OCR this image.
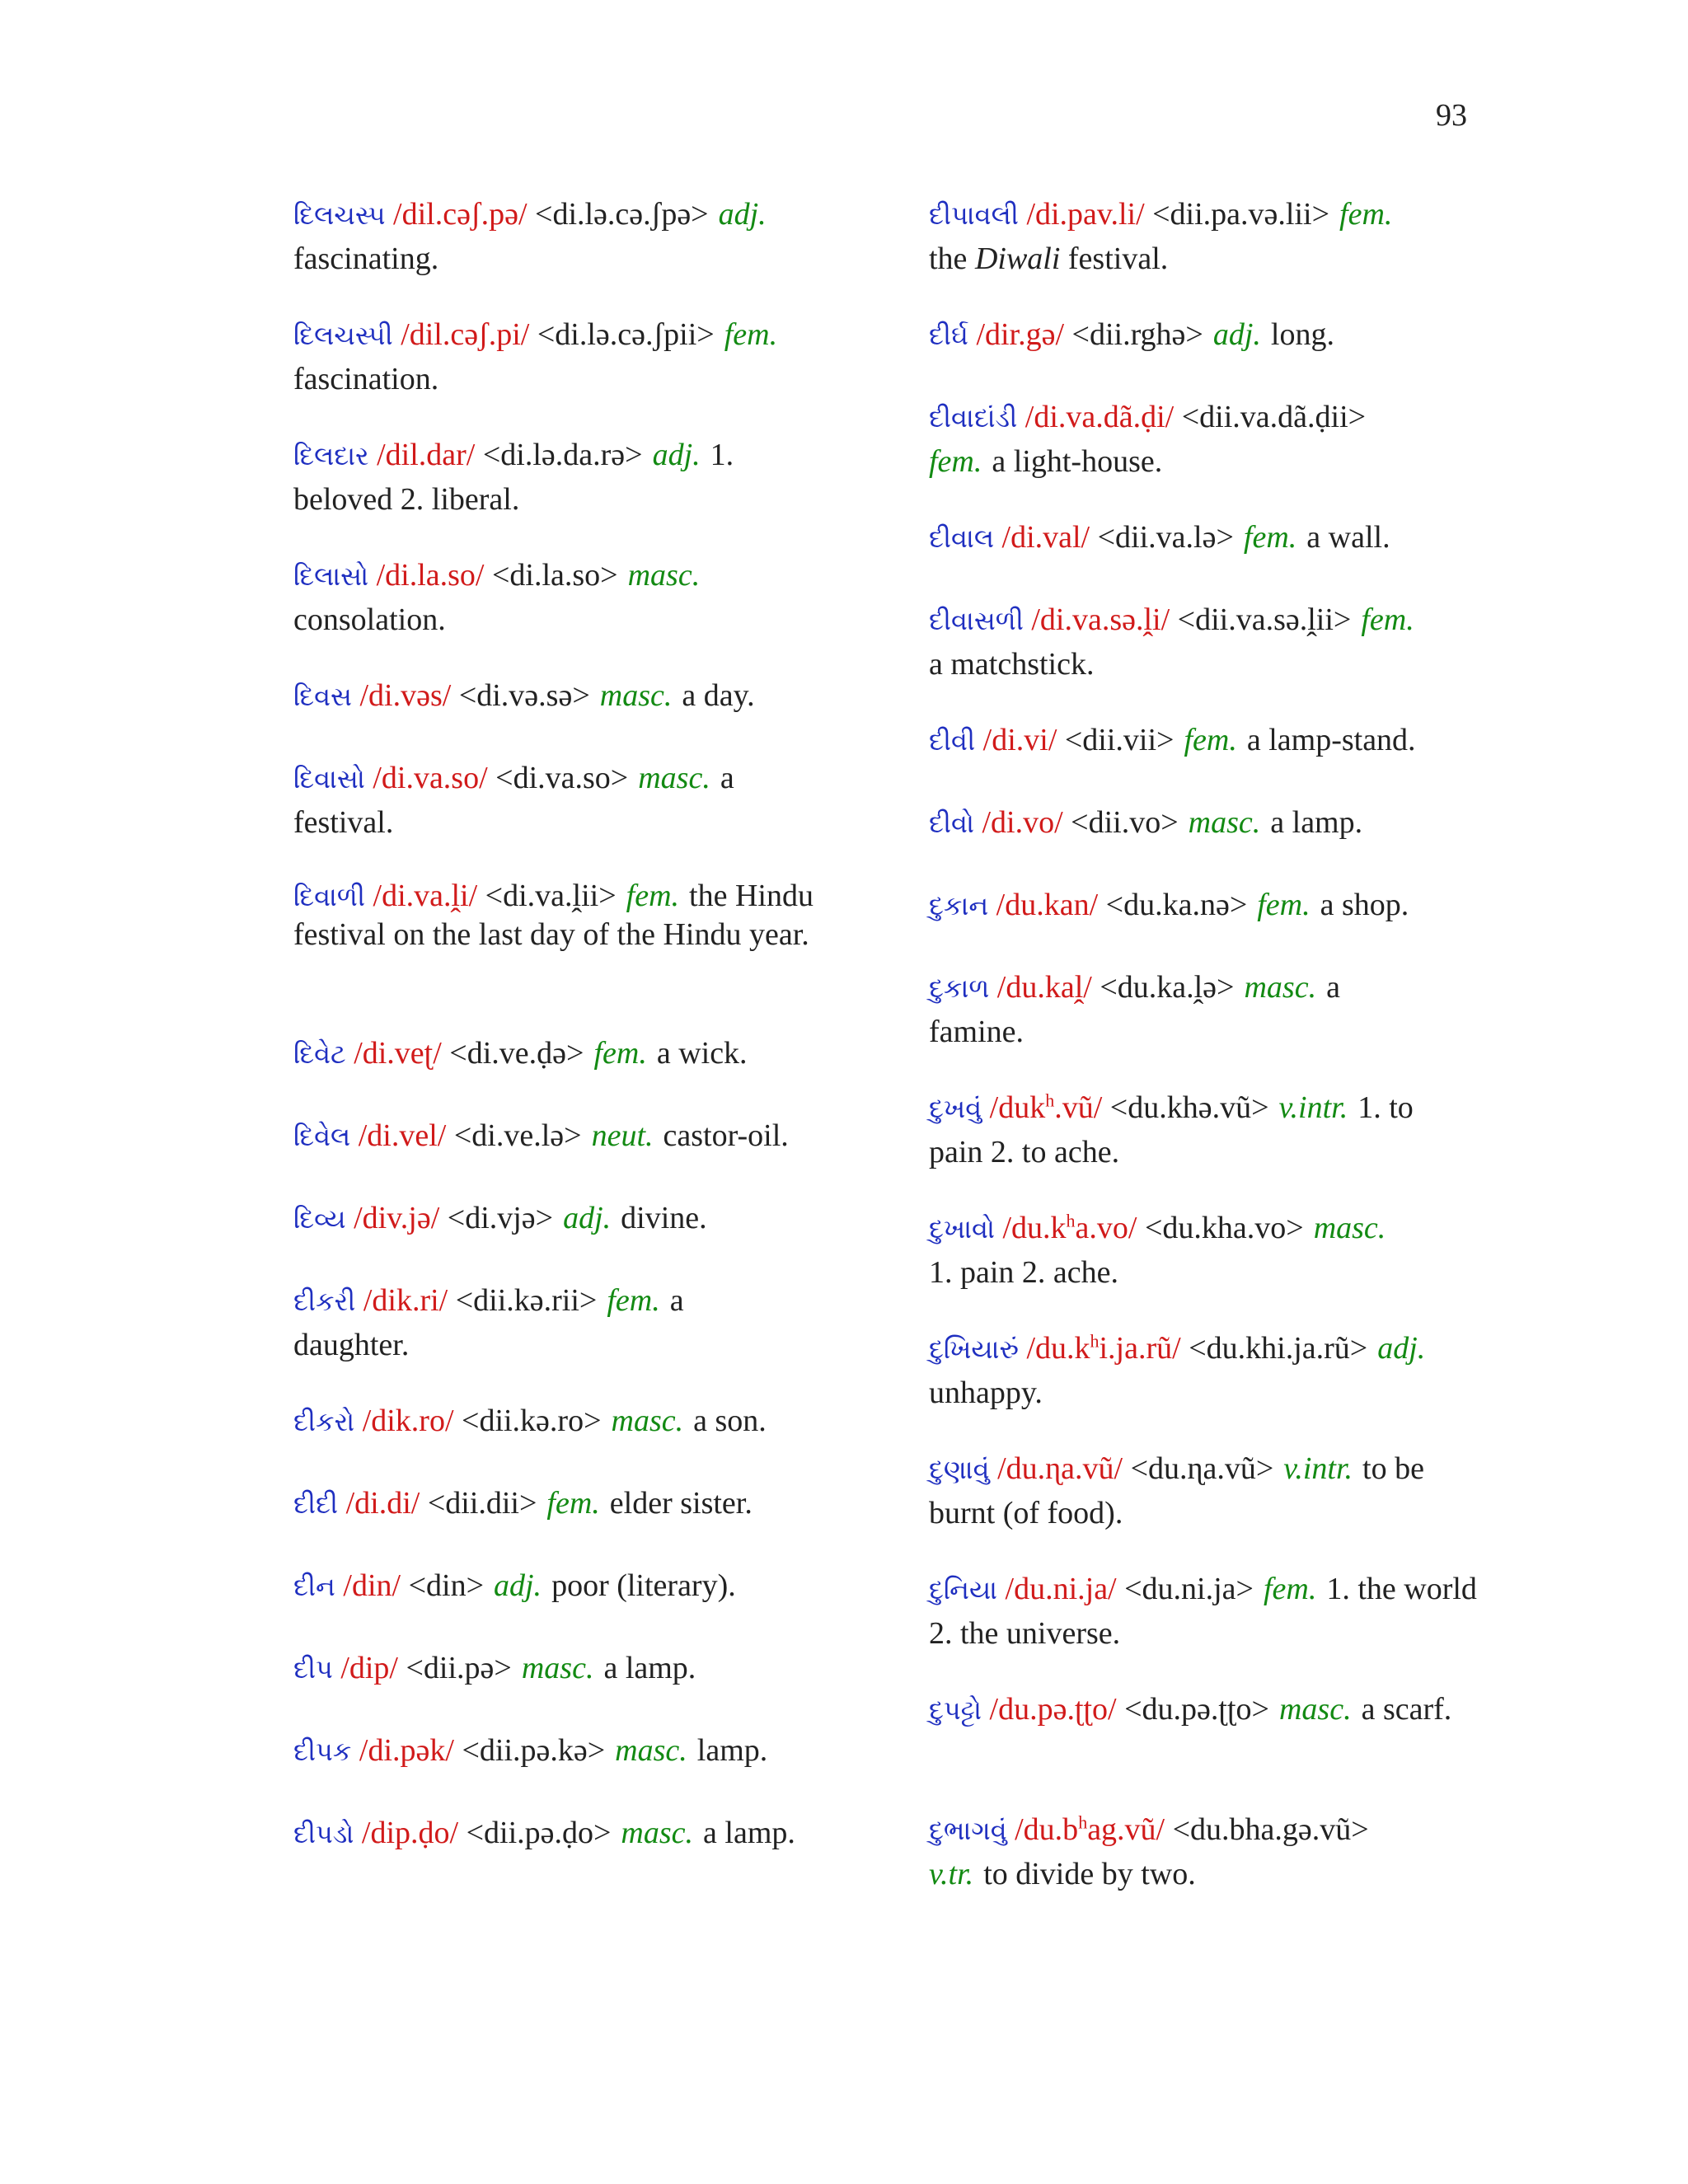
93

દિલચસ્પ /dil.cəʃ.pə/ <di.lə.cə.ʃpə> adj.
fascinating.

દિલચસ્પી /dil.cəʃ.pi/ <di.lə.cə.ʃpii> fem.
fascination.

દિલદાર /dil.dar/ <di.lə.da.rə> adj. 1. beloved 2. liberal.

દિલાસો /di.la.so/ <di.la.so> masc.
consolation.

દિવસ /di.vəs/ <di.və.sə> masc. a day.

દિવાસો /di.va.so/ <di.va.so> masc. a festival.

દિવાળી /di.va.ḽi/ <di.va.ḽii> fem. the Hindu festival on the last day of the Hindu year.

દિવેટ /di.veʈ/ <di.ve.ḍə> fem. a wick.

દિવેલ /di.vel/ <di.ve.lə> neut. castor-oil.

દિવ્ય /div.jə/ <di.vjə> adj. divine.

દીકરી /dik.ri/ <dii.kə.rii> fem. a daughter.

દીકરો /dik.ro/ <dii.kə.ro> masc. a son.

દીદી /di.di/ <dii.dii> fem. elder sister.

દીન /din/ <din> adj. poor (literary).

દીપ /dip/ <dii.pə> masc. a lamp.

દીપક /di.pək/ <dii.pə.kə> masc. lamp.

દીપડો /dip.ḍo/ <dii.pə.ḍo> masc. a lamp.

દીપાવલી /di.pav.li/ <dii.pa.və.lii> fem.
the Diwali festival.

દીર્ઘ /dir.gə/ <dii.rghə> adj. long.

દીવાદાંડી /di.va.dã.ḍi/ <dii.va.dã.ḍii>
fem. a light-house.

દીવાલ /di.val/ <dii.va.lə> fem. a wall.

દીવાસળી /di.va.sə.ḽi/ <dii.va.sə.ḽii> fem.
a matchstick.

દીવી /di.vi/ <dii.vii> fem. a lamp-stand.

દીવો /di.vo/ <dii.vo> masc. a lamp.

દુકાન /du.kan/ <du.ka.nə> fem. a shop.

દુકાળ /du.kaḽ/ <du.ka.ḽə> masc. a famine.

દુખવું /duk$^h$.vũ/ <du.khə.vũ> v.intr. 1. to pain 2. to ache.

દુખાવો $/du.k^ha.vo/ <du.kha.vo>$ masc.
1. pain 2. ache.

દુખિયારું $/du.k^hi.ja.rũ/$ <du.khi.ja.rũ> adj.
unhappy.

દુણાવું /du.ɳa.vũ/ <du.ɳa.vũ> v.intr. to be burnt (of food).

દુનિયા /du.ni.ja/ <du.ni.ja> fem. 1. the world 2. the universe.

દુપટ્ટો /du.pə.ʈʈo/ <du.pə.ʈʈo> masc. a scarf.

દુભાગવું $/du.b^hag.vũ/$ <du.bha.gə.vũ>
v.tr. to divide by two.
